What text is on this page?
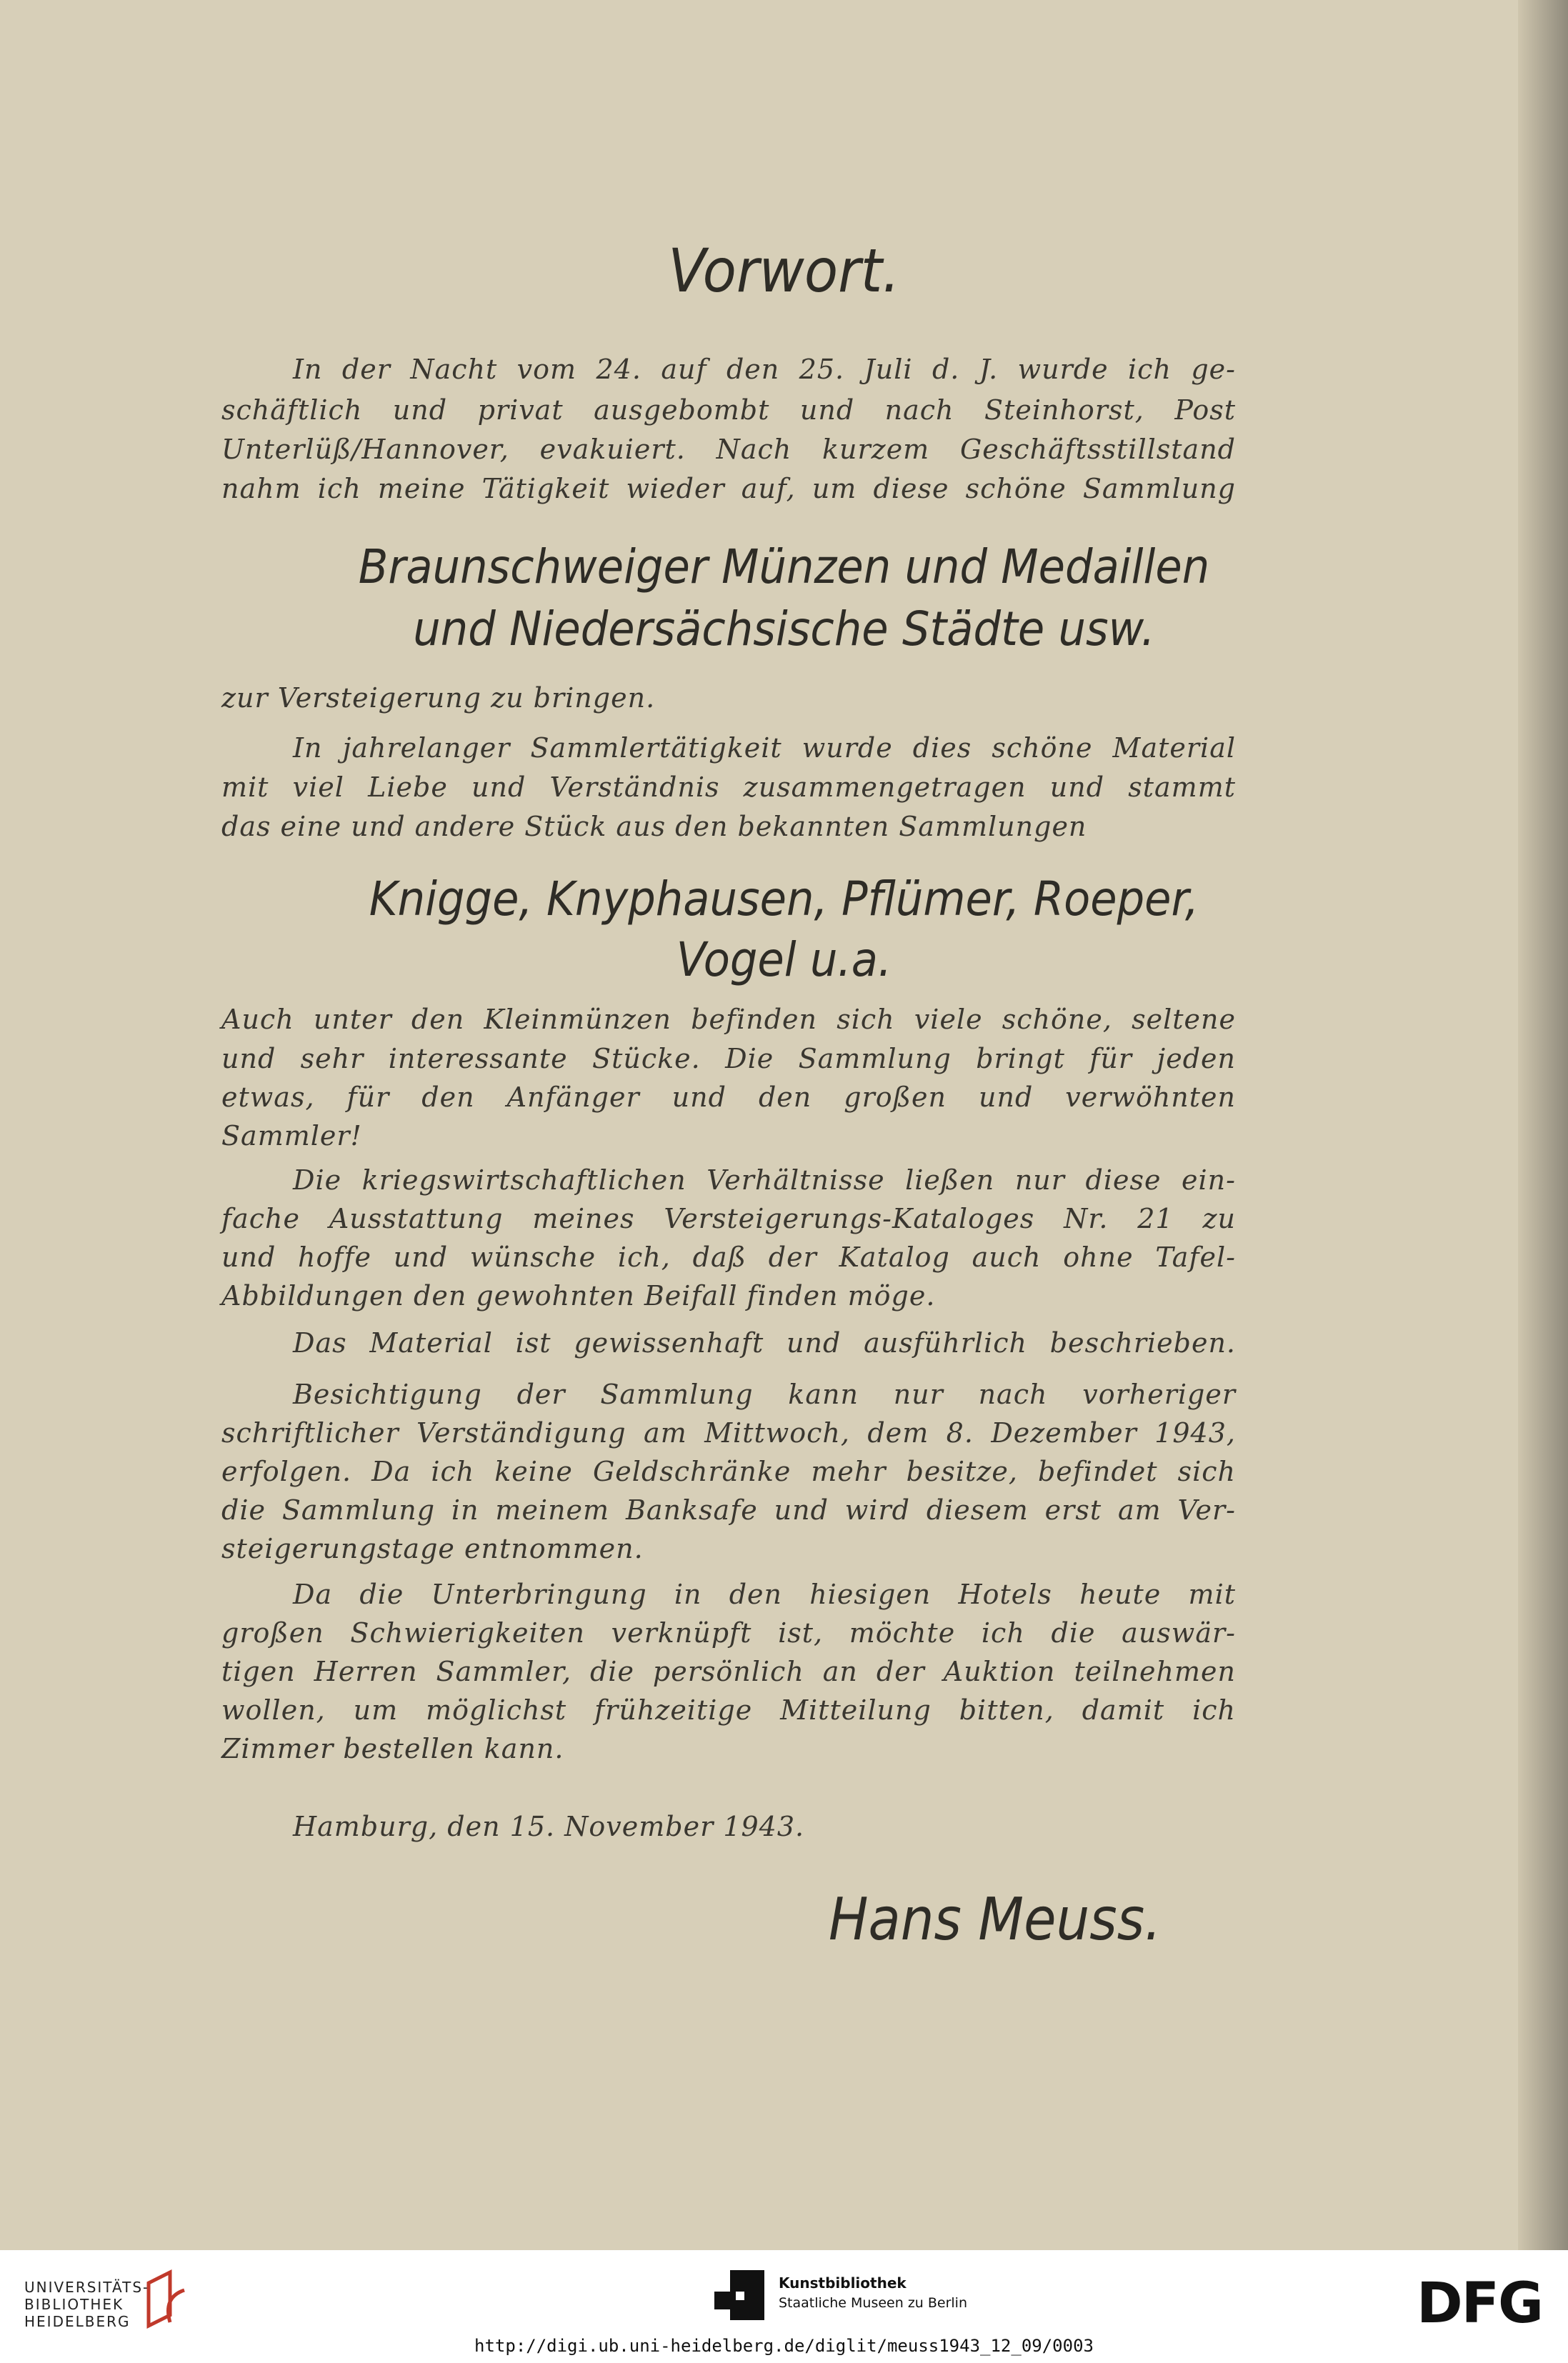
Vorwort.
In der Nacht vom 24. auf den 25. Juli d. J. wurde ich ge-
schäftlich und privat ausgebombt und nach Steinhorst, Post
Unterlüß/Hannover, evakuiert. Nach kurzem Geschäftsstillstand
nahm ich meine Tätigkeit wieder auf, um diese schöne Sammlung
Braunschweiger Münzen und Medaillen
und Niedersächsische Städte usw.
zur Versteigerung zu bringen.
In jahrelanger Sammlertätigkeit wurde dies schöne Material
mit viel Liebe und Verständnis zusammengetragen und stammt
das eine und andere Stück aus den bekannten Sammlungen
Knigge, Knyphausen, Pflümer, Roeper,
Vogel u.a.
Auch unter den Kleinmünzen befinden sich viele schöne, seltene
und sehr interessante Stücke. Die Sammlung bringt für jeden
etwas, für den Anfänger und den großen und verwöhnten
Sammler!
Die kriegswirtschaftlichen Verhältnisse ließen nur diese ein-
fache Ausstattung meines Versteigerungs-Kataloges Nr. 21 zu
und hoffe und wünsche ich, daß der Katalog auch ohne Tafel-
Abbildungen den gewohnten Beifall finden möge.
Das Material ist gewissenhaft und ausführlich beschrieben.
Besichtigung der Sammlung kann nur nach vorheriger
schriftlicher Verständigung am Mittwoch, dem 8. Dezember 1943,
erfolgen. Da ich keine Geldschränke mehr besitze, befindet sich
die Sammlung in meinem Banksafe und wird diesem erst am Ver-
steigerungstage entnommen.
Da die Unterbringung in den hiesigen Hotels heute mit
großen Schwierigkeiten verknüpft ist, möchte ich die auswär-
tigen Herren Sammler, die persönlich an der Auktion teilnehmen
wollen, um möglichst frühzeitige Mitteilung bitten, damit ich
Zimmer bestellen kann.
Hamburg, den 15. November 1943.
Hans Meuss.
UNIVERSITÄTS-
BIBLIOTHEK
HEIDELBERG
Kunstbibliothek
Staatliche Museen zu Berlin	DFG
http://digi.ub.uni-heidelberg.de/diglit/meuss1943_12_09/0003
